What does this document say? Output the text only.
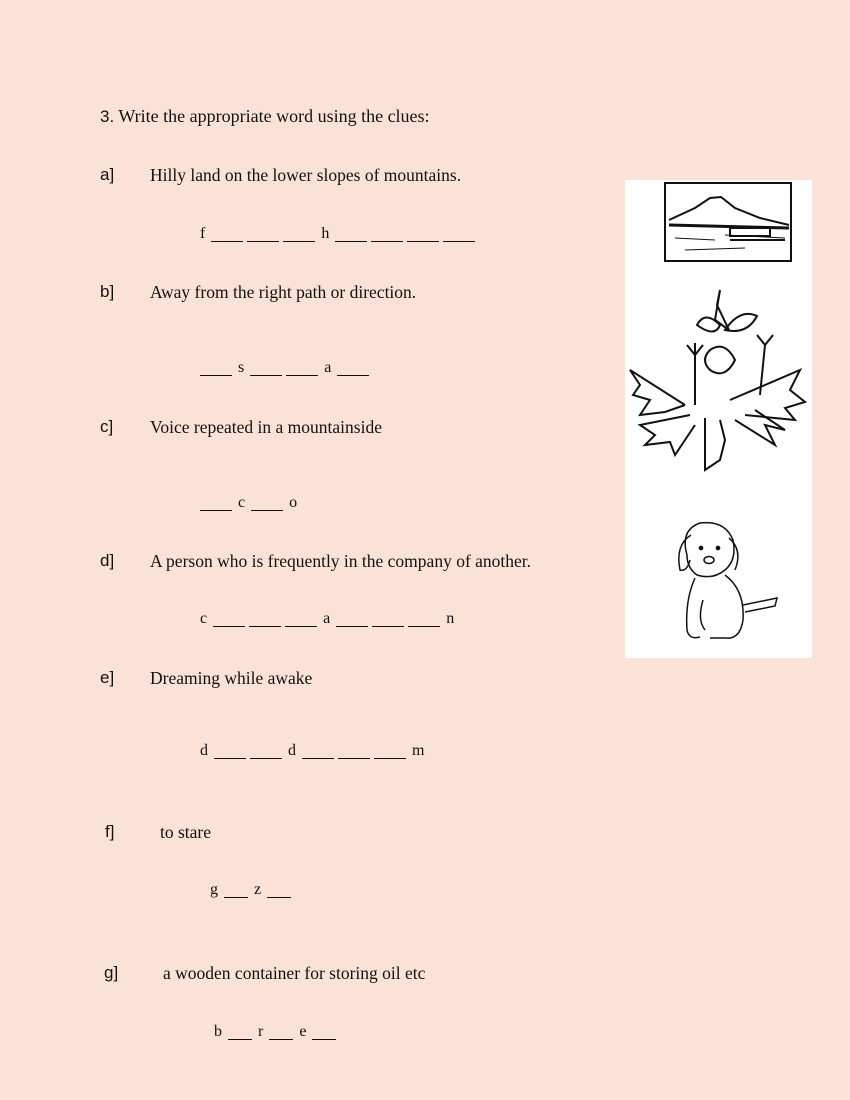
3. Write the appropriate word using the clues:
a] Hilly land on the lower slopes of mountains.
f	h
b] Away from the right path or direction.
s	a
c] Voice repeated in a mountainside
c	o
d] A person who is frequently in the company of another.
c	a	n
e] Dreaming while awake
d	d	m
f]	to stare
g z
g]	a wooden container for storing oil etc
b r e
